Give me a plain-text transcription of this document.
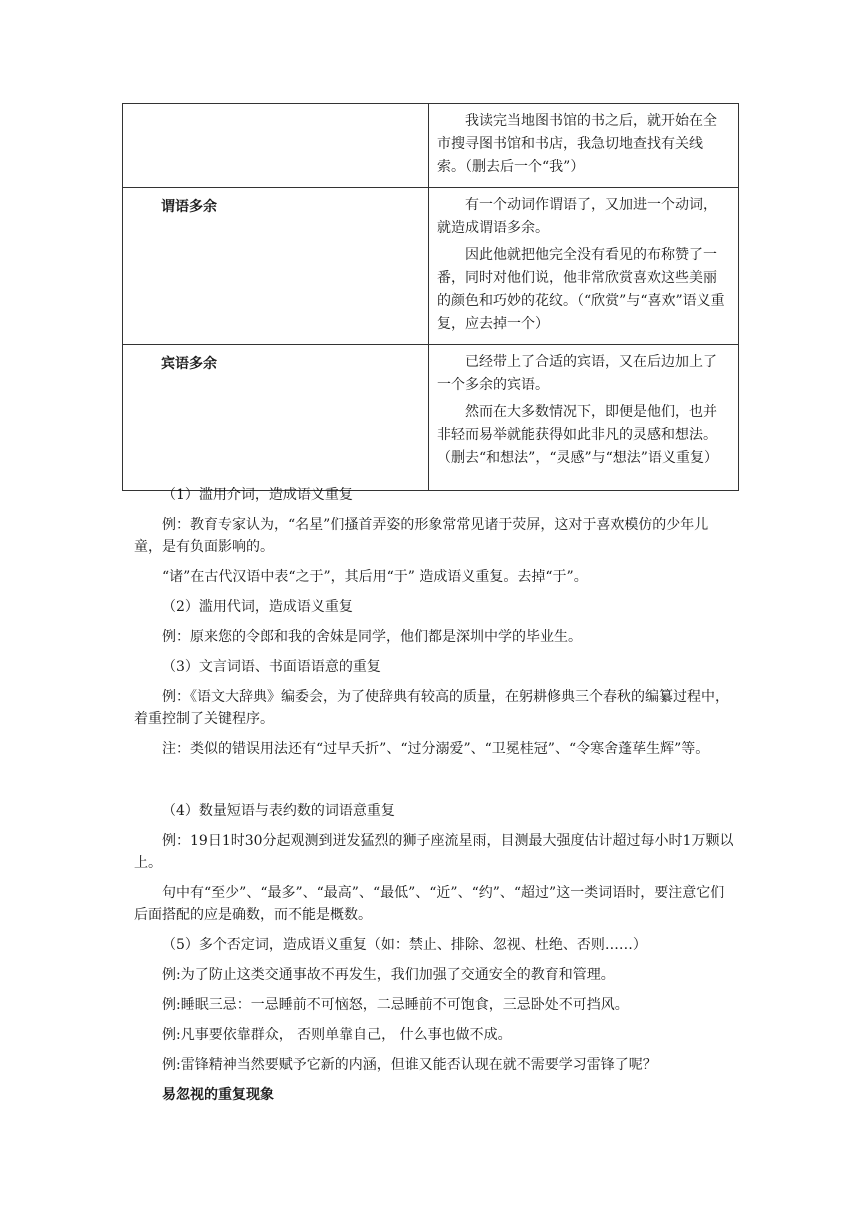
	我读完当地图书馆的书之后，就开始在全市搜寻图书馆和书店，我急切地查找有关线索。（删去后一个“我”）

谓语多余	有一个动词作谓语了，又加进一个动词，就造成谓语多余。

因此他就把他完全没有看见的布称赞了一番，同时对他们说，他非常欣赏喜欢这些美丽的颜色和巧妙的花纹。（“欣赏”与“喜欢”语义重复，应去掉一个）

宾语多余	已经带上了合适的宾语，又在后边加上了一个多余的宾语。

然而在大多数情况下，即便是他们，也并非轻而易举就能获得如此非凡的灵感和想法。（删去“和想法”，“灵感”与“想法”语义重复）

（1）滥用介词，造成语义重复

例：教育专家认为，“名星”们搔首弄姿的形象常常见诸于荧屏，这对于喜欢模仿的少年儿童，是有负面影响的。

“诸”在古代汉语中表“之于”，其后用“于” 造成语义重复。去掉“于”。

（2）滥用代词，造成语义重复

例：原来您的令郎和我的舍妹是同学，他们都是深圳中学的毕业生。

（3）文言词语、书面语语意的重复

例：《语文大辞典》编委会，为了使辞典有较高的质量，在躬耕修典三个春秋的编纂过程中，着重控制了关键程序。

注：类似的错误用法还有“过早夭折”、“过分溺爱”、“卫冕桂冠”、“令寒舍蓬荜生辉”等。

（4）数量短语与表约数的词语意重复

例：19日1时30分起观测到迸发猛烈的狮子座流星雨，目测最大强度估计超过每小时1万颗以上。

句中有“至少”、“最多”、“最高”、“最低”、“近”、“约”、“超过”这一类词语时，要注意它们后面搭配的应是确数，而不能是概数。

（5）多个否定词，造成语义重复（如：禁止、排除、忽视、杜绝、否则……）

例:为了防止这类交通事故不再发生，我们加强了交通安全的教育和管理。

例:睡眠三忌：一忌睡前不可恼怒，二忌睡前不可饱食，三忌卧处不可挡风。

例:凡事要依靠群众， 否则单靠自己， 什么事也做不成。

例:雷锋精神当然要赋予它新的内涵，但谁又能否认现在就不需要学习雷锋了呢？

易忽视的重复现象
